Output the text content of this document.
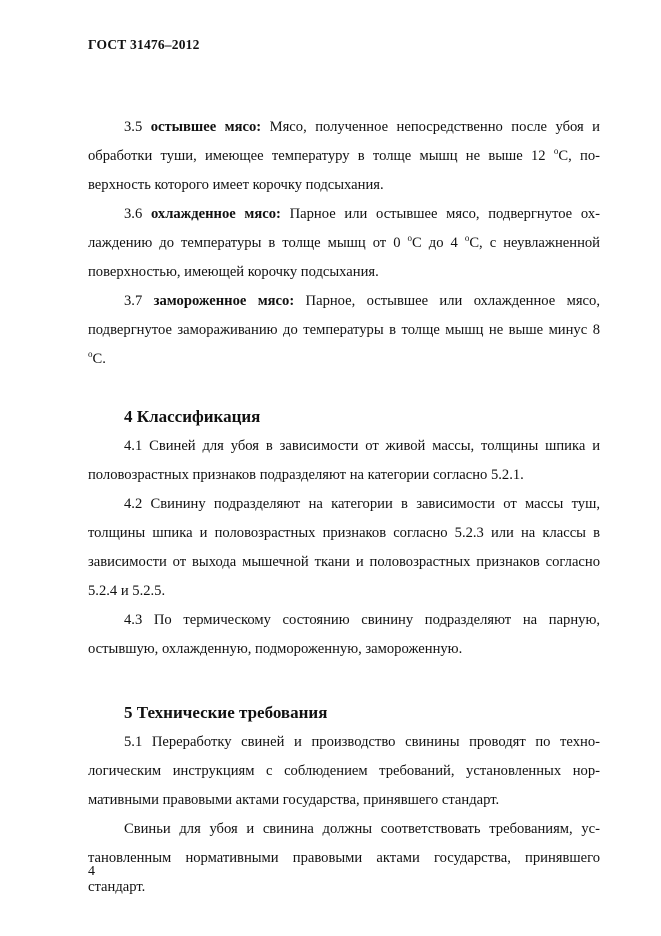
ГОСТ 31476–2012

3.5 остывшее мясо: Мясо, полученное непосредственно после убоя и обработки туши, имеющее температуру в толще мышц не выше 12 $^о$С, поверхность которого имеет корочку подсыхания.

3.6 охлажденное мясо: Парное или остывшее мясо, подвергнутое охлаждению до температуры в толще мышц от 0 $^о$С до 4 $^о$С, с неувлажненной поверхностью, имеющей корочку подсыхания.

3.7 замороженное мясо: Парное, остывшее или охлажденное мясо, подвергнутое замораживанию до температуры в толще мышц не выше минус 8 $^о$С.

4 Классификация

4.1 Свиней для убоя в зависимости от живой массы, толщины шпика и половозрастных признаков подразделяют на категории согласно 5.2.1.

4.2 Свинину подразделяют на категории в зависимости от массы туш, толщины шпика и половозрастных признаков согласно 5.2.3 или на классы в зависимости от выхода мышечной ткани и половозрастных признаков согласно 5.2.4 и 5.2.5.

4.3 По термическому состоянию свинину подразделяют на парную, остывшую, охлажденную, подмороженную, замороженную.

5 Технические требования

5.1 Переработку свиней и производство свинины проводят по технологическим инструкциям с соблюдением требований, установленных нормативными правовыми актами государства, принявшего стандарт.

Свиньи для убоя и свинина должны соответствовать требованиям, установленным нормативными правовыми актами государства, принявшего стандарт.

4
